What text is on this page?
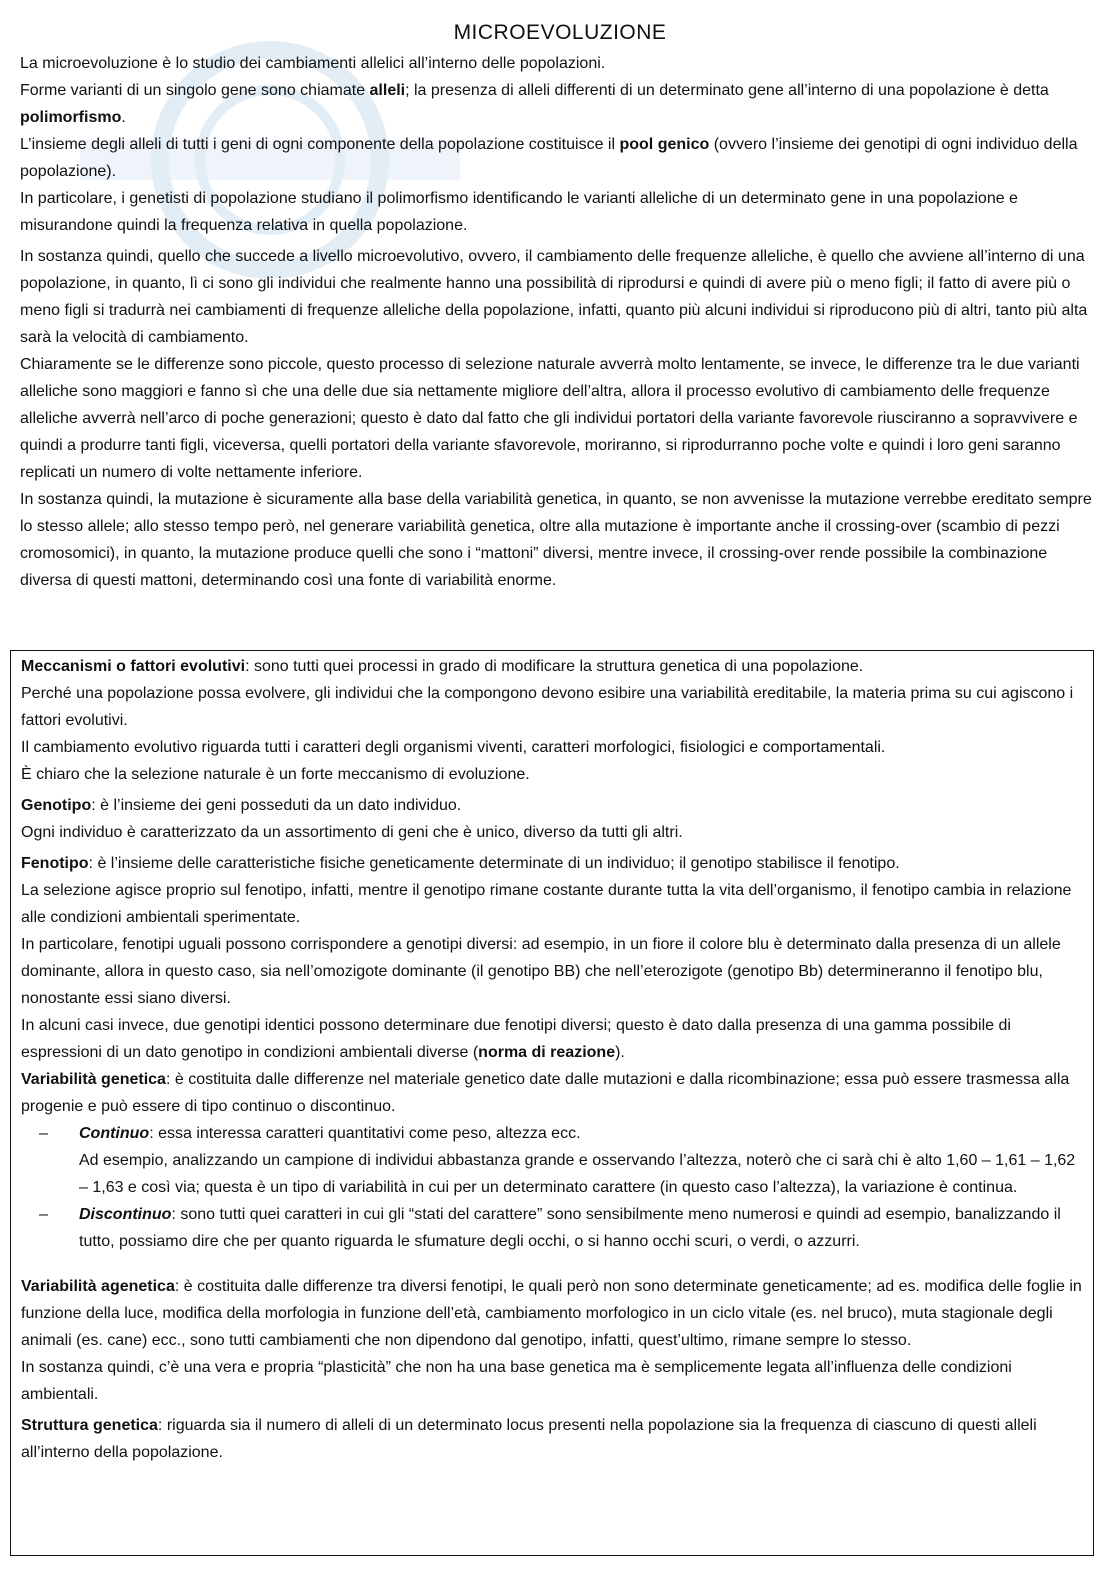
MICROEVOLUZIONE

La microevoluzione è lo studio dei cambiamenti allelici all’interno delle popolazioni.

Forme varianti di un singolo gene sono chiamate alleli; la presenza di alleli differenti di un determinato gene all’interno di una popolazione è detta polimorfismo.

L’insieme degli alleli di tutti i geni di ogni componente della popolazione costituisce il pool genico (ovvero l’insieme dei genotipi di ogni individuo della popolazione).

In particolare, i genetisti di popolazione studiano il polimorfismo identificando le varianti alleliche di un determinato gene in una popolazione e misurandone quindi la frequenza relativa in quella popolazione.

In sostanza quindi, quello che succede a livello microevolutivo, ovvero, il cambiamento delle frequenze alleliche, è quello che avviene all’interno di una popolazione, in quanto, lì ci sono gli individui che realmente hanno una possibilità di riprodursi e quindi di avere più o meno figli; il fatto di avere più o meno figli si tradurrà nei cambiamenti di frequenze alleliche della popolazione, infatti, quanto più alcuni individui si riproducono più di altri, tanto più alta sarà la velocità di cambiamento.

Chiaramente se le differenze sono piccole, questo processo di selezione naturale avverrà molto lentamente, se invece, le differenze tra le due varianti alleliche sono maggiori e fanno sì che una delle due sia nettamente migliore dell’altra, allora il processo evolutivo di cambiamento delle frequenze alleliche avverrà nell’arco di poche generazioni; questo è dato dal fatto che gli individui portatori della variante favorevole riusciranno a sopravvivere e quindi a produrre tanti figli, viceversa, quelli portatori della variante sfavorevole, moriranno, si riprodurranno poche volte e quindi i loro geni saranno replicati un numero di volte nettamente inferiore.

In sostanza quindi, la mutazione è sicuramente alla base della variabilità genetica, in quanto, se non avvenisse la mutazione verrebbe ereditato sempre lo stesso allele; allo stesso tempo però, nel generare variabilità genetica, oltre alla mutazione è importante anche il crossing-over (scambio di pezzi cromosomici), in quanto, la mutazione produce quelli che sono i “mattoni” diversi, mentre invece, il crossing-over rende possibile la combinazione diversa di questi mattoni, determinando così una fonte di variabilità enorme.

Meccanismi o fattori evolutivi: sono tutti quei processi in grado di modificare la struttura genetica di una popolazione.

Perché una popolazione possa evolvere, gli individui che la compongono devono esibire una variabilità ereditabile, la materia prima su cui agiscono i fattori evolutivi.

Il cambiamento evolutivo riguarda tutti i caratteri degli organismi viventi, caratteri morfologici, fisiologici e comportamentali.

È chiaro che la selezione naturale è un forte meccanismo di evoluzione.

Genotipo: è l’insieme dei geni posseduti da un dato individuo.

Ogni individuo è caratterizzato da un assortimento di geni che è unico, diverso da tutti gli altri.

Fenotipo: è l’insieme delle caratteristiche fisiche geneticamente determinate di un individuo; il genotipo stabilisce il fenotipo.

La selezione agisce proprio sul fenotipo, infatti, mentre il genotipo rimane costante durante tutta la vita dell’organismo, il fenotipo cambia in relazione alle condizioni ambientali sperimentate.

In particolare, fenotipi uguali possono corrispondere a genotipi diversi: ad esempio, in un fiore il colore blu è determinato dalla presenza di un allele dominante, allora in questo caso, sia nell’omozigote dominante (il genotipo BB) che nell’eterozigote (genotipo Bb) determineranno il fenotipo blu, nonostante essi siano diversi.

In alcuni casi invece, due genotipi identici possono determinare due fenotipi diversi; questo è dato dalla presenza di una gamma possibile di espressioni di un dato genotipo in condizioni ambientali diverse (norma di reazione).

Variabilità genetica: è costituita dalle differenze nel materiale genetico date dalle mutazioni e dalla ricombinazione; essa può essere trasmessa alla progenie e può essere di tipo continuo o discontinuo.

– Continuo: essa interessa caratteri quantitativi come peso, altezza ecc.
Ad esempio, analizzando un campione di individui abbastanza grande e osservando l’altezza, noterò che ci sarà chi è alto 1,60 – 1,61 – 1,62 – 1,63 e così via; questa è un tipo di variabilità in cui per un determinato carattere (in questo caso l’altezza), la variazione è continua.
– Discontinuo: sono tutti quei caratteri in cui gli “stati del carattere” sono sensibilmente meno numerosi e quindi ad esempio, banalizzando il tutto, possiamo dire che per quanto riguarda le sfumature degli occhi, o si hanno occhi scuri, o verdi, o azzurri.

Variabilità agenetica: è costituita dalle differenze tra diversi fenotipi, le quali però non sono determinate geneticamente; ad es. modifica delle foglie in funzione della luce, modifica della morfologia in funzione dell’età, cambiamento morfologico in un ciclo vitale (es. nel bruco), muta stagionale degli animali (es. cane) ecc., sono tutti cambiamenti che non dipendono dal genotipo, infatti, quest’ultimo, rimane sempre lo stesso.

In sostanza quindi, c’è una vera e propria “plasticità” che non ha una base genetica ma è semplicemente legata all’influenza delle condizioni ambientali.

Struttura genetica: riguarda sia il numero di alleli di un determinato locus presenti nella popolazione sia la frequenza di ciascuno di questi alleli all’interno della popolazione.
